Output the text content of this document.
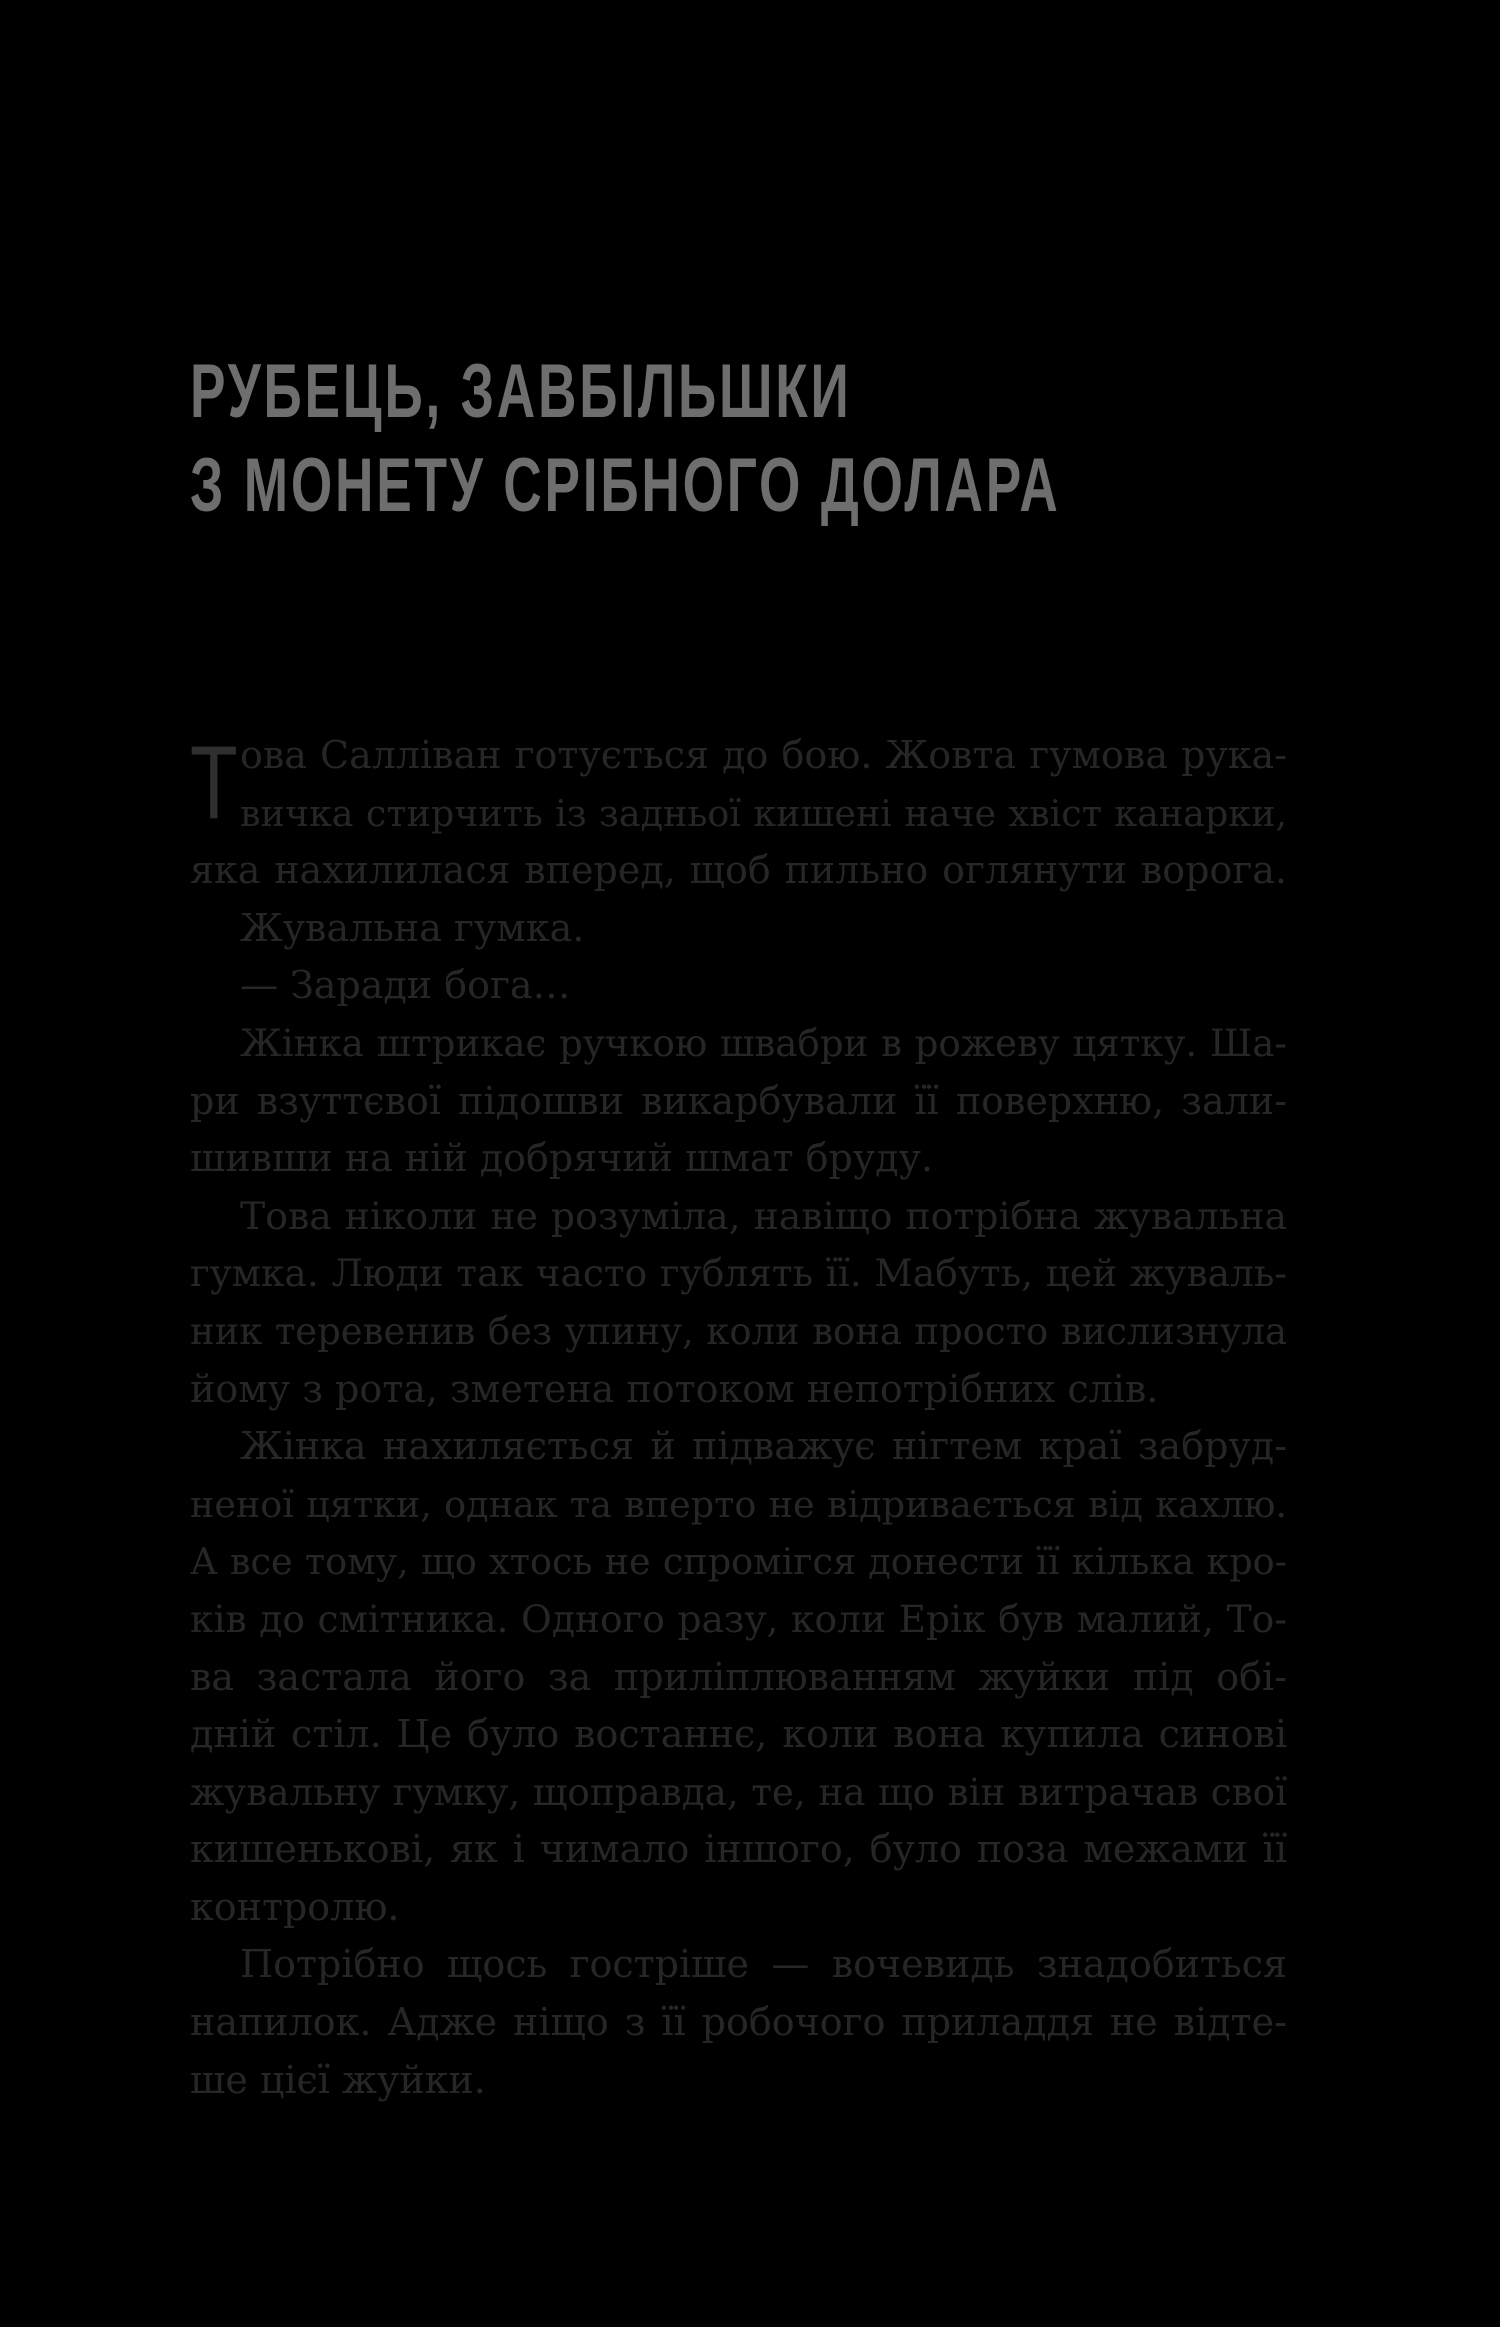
РУБЕЦЬ, ЗАВБІЛЬШКИ
З МОНЕТУ СРІБНОГО ДОЛАРА
Т ова Салліван готується до бою. Жовта гумова рука-
вичка стирчить із задньої кишені наче хвіст канарки,
яка нахилилася вперед, щоб пильно оглянути ворога.
Жувальна гумка.
— Заради бога…
Жінка штрикає ручкою швабри в рожеву цятку. Ша-
ри взуттєвої підошви викарбували її поверхню, зали-
шивши на ній добрячий шмат бруду.
Това ніколи не розуміла, навіщо потрібна жувальна
гумка. Люди так часто гублять її. Мабуть, цей жуваль-
ник теревенив без упину, коли вона просто вислизнула
йому з рота, зметена потоком непотрібних слів.
Жінка нахиляється й підважує нігтем краї забруд-
неної цятки, однак та вперто не відривається від кахлю.
А все тому, що хтось не спромігся донести її кілька кро-
ків до смітника. Одного разу, коли Ерік був малий, То-
ва застала його за приліплюванням жуйки під обі-
дній стіл. Це було востаннє, коли вона купила синові
жувальну гумку, щоправда, те, на що він витрачав свої
кишенькові, як і чимало іншого, було поза межами її
контролю.
Потрібно щось гостріше — вочевидь знадобиться
напилок. Адже ніщо з її робочого приладдя не відте-
ше цієї жуйки.
